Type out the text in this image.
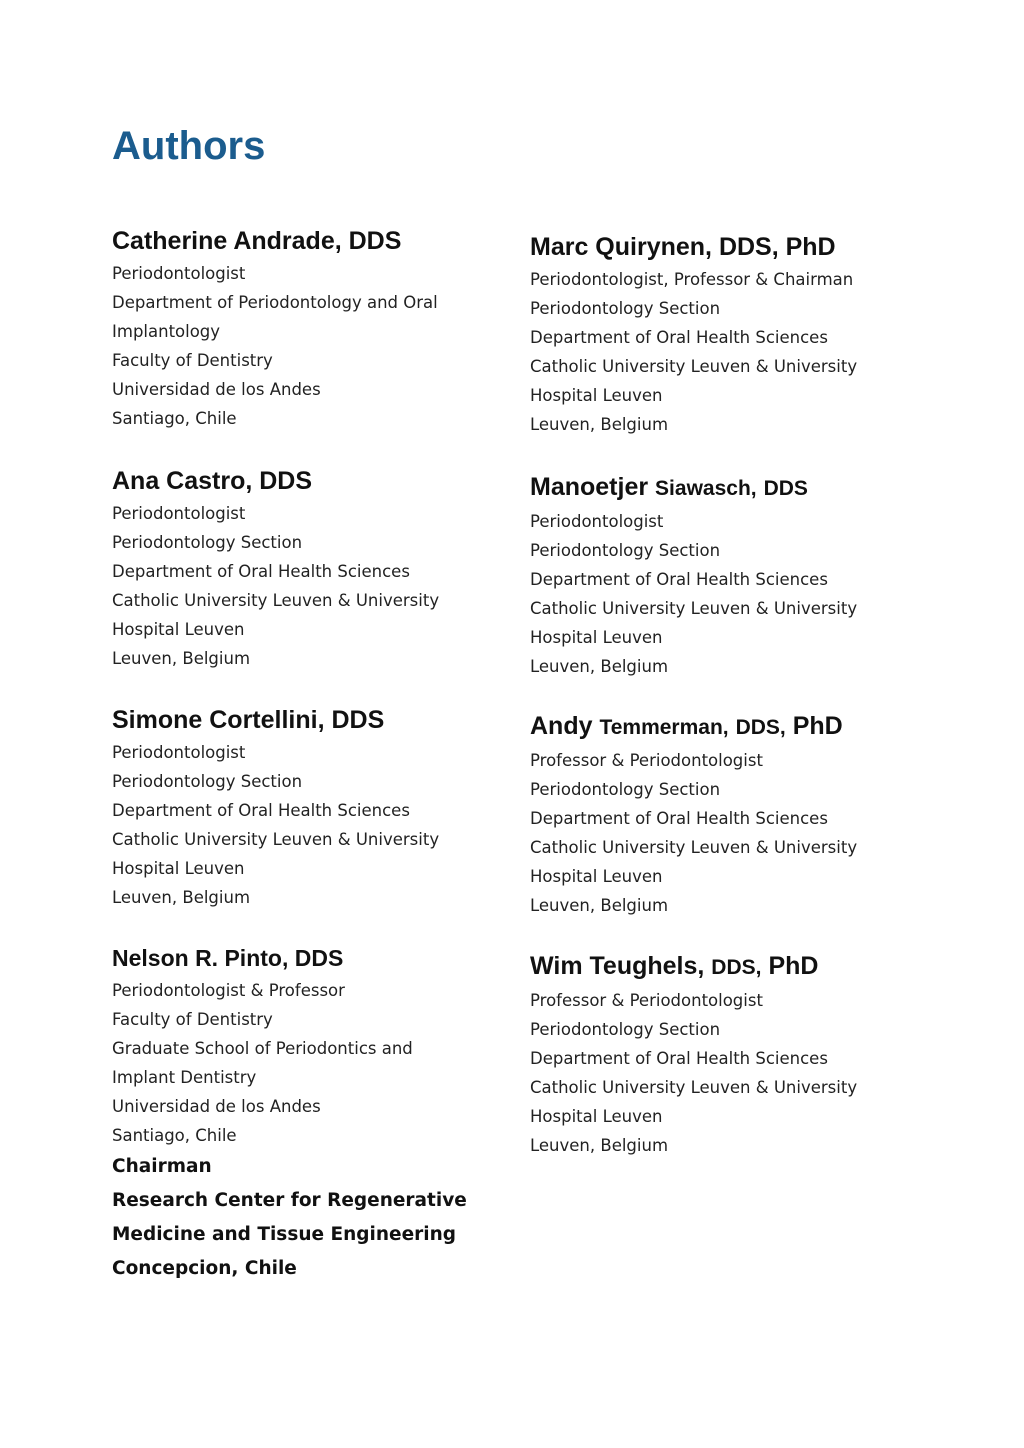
Authors
Catherine Andrade, DDS
Periodontologist
Department of Periodontology and Oral
Implantology
Faculty of Dentistry
Universidad de los Andes
Santiago, Chile
Ana Castro, DDS
Periodontologist
Periodontology Section
Department of Oral Health Sciences
Catholic University Leuven & University
Hospital Leuven
Leuven, Belgium
Simone Cortellini, DDS
Periodontologist
Periodontology Section
Department of Oral Health Sciences
Catholic University Leuven & University
Hospital Leuven
Leuven, Belgium
Nelson R. Pinto, DDS
Periodontologist & Professor
Faculty of Dentistry
Graduate School of Periodontics and
Implant Dentistry
Universidad de los Andes
Santiago, Chile
Chairman
Research Center for Regenerative
Medicine and Tissue Engineering
Concepcion, Chile
Marc Quirynen, DDS, PhD
Periodontologist, Professor & Chairman
Periodontology Section
Department of Oral Health Sciences
Catholic University Leuven & University
Hospital Leuven
Leuven, Belgium
Manoetjer Siawasch, DDS
Periodontologist
Periodontology Section
Department of Oral Health Sciences
Catholic University Leuven & University
Hospital Leuven
Leuven, Belgium
Andy Temmerman, DDS, PhD
Professor & Periodontologist
Periodontology Section
Department of Oral Health Sciences
Catholic University Leuven & University
Hospital Leuven
Leuven, Belgium
Wim Teughels, DDS, PhD
Professor & Periodontologist
Periodontology Section
Department of Oral Health Sciences
Catholic University Leuven & University
Hospital Leuven
Leuven, Belgium
